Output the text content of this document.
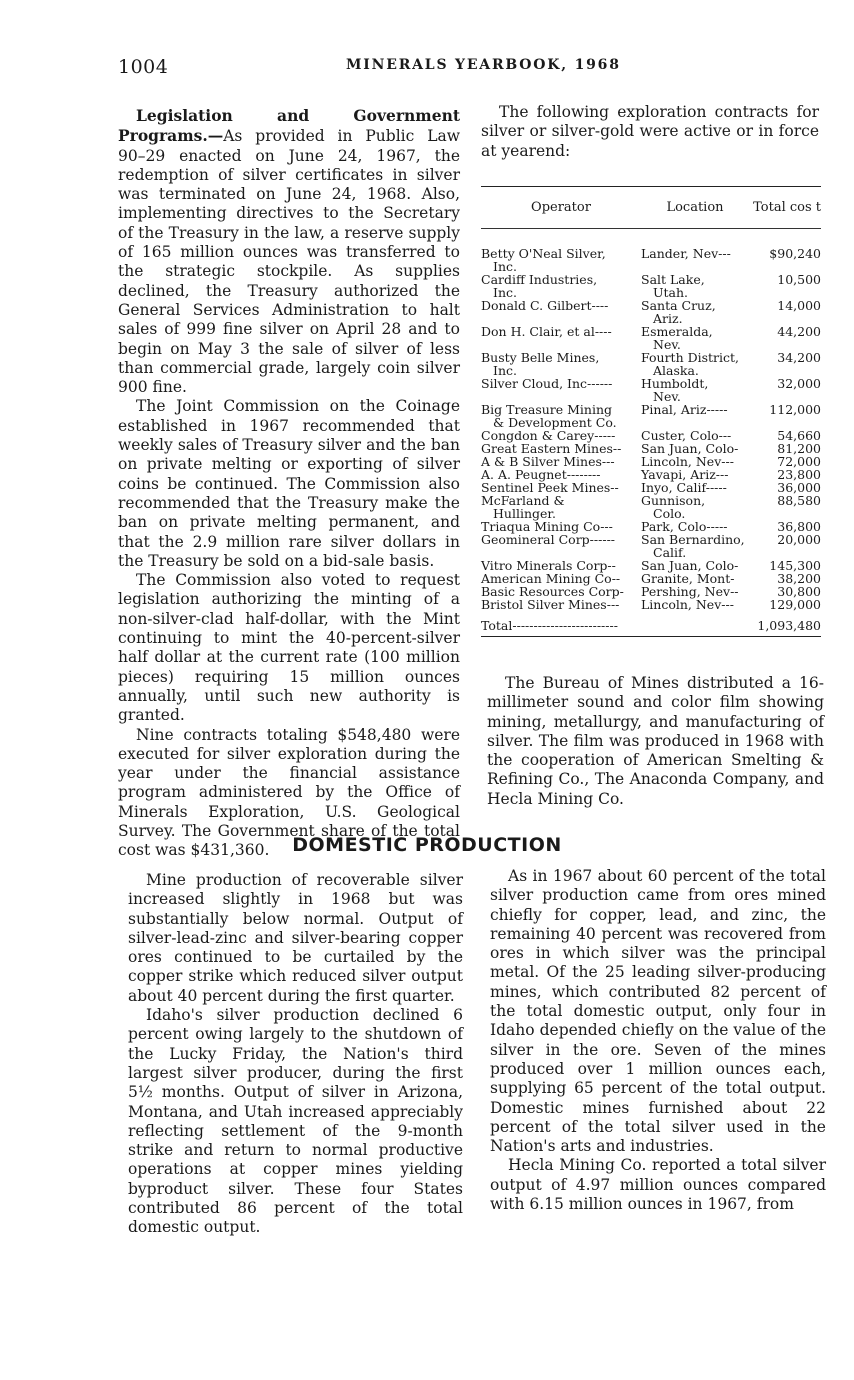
1004	MINERALS YEARBOOK, 1968

Legislation and Government Programs.—As provided in Public Law 90–29 enacted on June 24, 1967, the redemption of silver certificates in silver was terminated on June 24, 1968. Also, implementing directives to the Secretary of the Treasury in the law, a reserve supply of 165 million ounces was transferred to the strategic stockpile. As supplies declined, the Treasury authorized the General Services Administration to halt sales of 999 fine silver on April 28 and to begin on May 3 the sale of silver of less than commercial grade, largely coin silver 900 fine.

The Joint Commission on the Coinage established in 1967 recommended that weekly sales of Treasury silver and the ban on private melting or exporting of silver coins be continued. The Commission also recommended that the Treasury make the ban on private melting permanent, and that the 2.9 million rare silver dollars in the Treasury be sold on a bid-sale basis.

The Commission also voted to request legislation authorizing the minting of a non-silver-clad half-dollar, with the Mint continuing to mint the 40-percent-silver half dollar at the current rate (100 million pieces) requiring 15 million ounces annually, until such new authority is granted.

Nine contracts totaling $548,480 were executed for silver exploration during the year under the financial assistance program administered by the Office of Minerals Exploration, U.S. Geological Survey. The Government share of the total cost was $431,360.

The following exploration contracts for silver or silver-gold were active or in force at yearend:

Operator	Location	Total cos t

Betty O'Neal Silver,
Inc.	Lander, Nev---	$90,240

Cardiff Industries,
Inc.	Salt Lake,
Utah.	10,500

Donald C. Gilbert----	Santa Cruz,
Ariz.	14,000

Don H. Clair, et al----	Esmeralda,
Nev.	44,200

Busty Belle Mines,
Inc.	Fourth District,
Alaska.	34,200

Silver Cloud, Inc------	Humboldt,
Nev.	32,000

Big Treasure Mining
& Development Co.	Pinal, Ariz-----	112,000

Congdon & Carey-----	Custer, Colo---	54,660

Great Eastern Mines--	San Juan, Colo-	81,200

A & B Silver Mines---	Lincoln, Nev---	72,000

A. A. Peugnet--------	Yavapi, Ariz---	23,800

Sentinel Peek Mines--	Inyo, Calif-----	36,000

McFarland &
Hullinger.	Gunnison,
Colo.	88,580

Triaqua Mining Co---	Park, Colo-----	36,800

Geomineral Corp------	San Bernardino,
Calif.	20,000

Vitro Minerals Corp--	San Juan, Colo-	145,300

American Mining Co--	Granite, Mont-	38,200

Basic Resources Corp-	Pershing, Nev--	30,800

Bristol Silver Mines---	Lincoln, Nev---	129,000

Total-------------------------		1,093,480

The Bureau of Mines distributed a 16-millimeter sound and color film showing mining, metallurgy, and manufacturing of silver. The film was produced in 1968 with the cooperation of American Smelting & Refining Co., The Anaconda Company, and Hecla Mining Co.

DOMESTIC PRODUCTION

Mine production of recoverable silver increased slightly in 1968 but was substantially below normal. Output of silver-lead-zinc and silver-bearing copper ores continued to be curtailed by the copper strike which reduced silver output about 40 percent during the first quarter.

Idaho's silver production declined 6 percent owing largely to the shutdown of the Lucky Friday, the Nation's third largest silver producer, during the first 5½ months. Output of silver in Arizona, Montana, and Utah increased appreciably reflecting settlement of the 9-month strike and return to normal productive operations at copper mines yielding byproduct silver. These four States contributed 86 percent of the total domestic output.

As in 1967 about 60 percent of the total silver production came from ores mined chiefly for copper, lead, and zinc, the remaining 40 percent was recovered from ores in which silver was the principal metal. Of the 25 leading silver-producing mines, which contributed 82 percent of the total domestic output, only four in Idaho depended chiefly on the value of the silver in the ore. Seven of the mines produced over 1 million ounces each, supplying 65 percent of the total output. Domestic mines furnished about 22 percent of the total silver used in the Nation's arts and industries.

Hecla Mining Co. reported a total silver output of 4.97 million ounces compared with 6.15 million ounces in 1967, from
